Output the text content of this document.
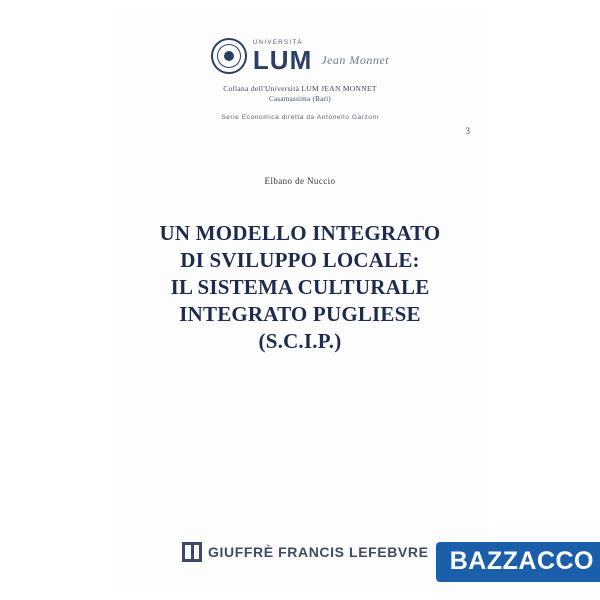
UNIVERSITÀ
LUM Jean Monnet
Collana dell'Università LUM JEAN MONNET
Casamassima (Bari)
Serie Economica diretta da Antonello Garzoni
3
Elbano de Nuccio
UN MODELLO INTEGRATO
DI SVILUPPO LOCALE:
IL SISTEMA CULTURALE
INTEGRATO PUGLIESE
(S.C.I.P.)
GIUFFRÈ FRANCIS LEFEBVRE BAZZACCO
